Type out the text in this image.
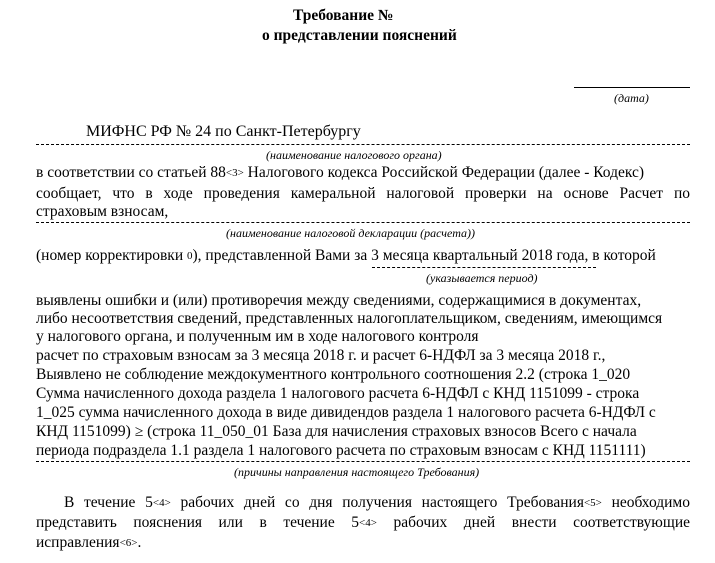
Требование №
о представлении пояснений
(дата)
МИФНС РФ № 24 по Санкт-Петербургу
(наименование налогового органа)
в соответствии со статьей 88<3> Налогового кодекса Российской Федерации (далее - Кодекс)
сообщает, что в ходе проведения камеральной налоговой проверки на основе Расчет по
страховым взносам,
(наименование налоговой декларации (расчета))
(номер корректировки 0), представленной Вами за 3 месяца квартальный 2018 года, в которой
(указывается период)
выявлены ошибки и (или) противоречия между сведениями, содержащимися в документах,
либо несоответствия сведений, представленных налогоплательщиком, сведениям, имеющимся
у налогового органа, и полученным им в ходе налогового контроля
расчет по страховым взносам за 3 месяца 2018 г. и расчет 6-НДФЛ за 3 месяца 2018 г.,
Выявлено не соблюдение междокументного контрольного соотношения 2.2 (строка 1_020
Сумма начисленного дохода раздела 1 налогового расчета 6-НДФЛ с КНД 1151099 - строка
1_025 сумма начисленного дохода в виде дивидендов раздела 1 налогового расчета 6-НДФЛ с
КНД 1151099) ≥ (строка 11_050_01 База для начисления страховых взносов Всего с начала
периода подраздела 1.1 раздела 1 налогового расчета по страховым взносам с КНД 1151111)
(причины направления настоящего Требования)
В течение 5<4> рабочих дней со дня получения настоящего Требования<5> необходимо
представить пояснения или в течение 5<4> рабочих дней внести соответствующие
исправления<6>.
